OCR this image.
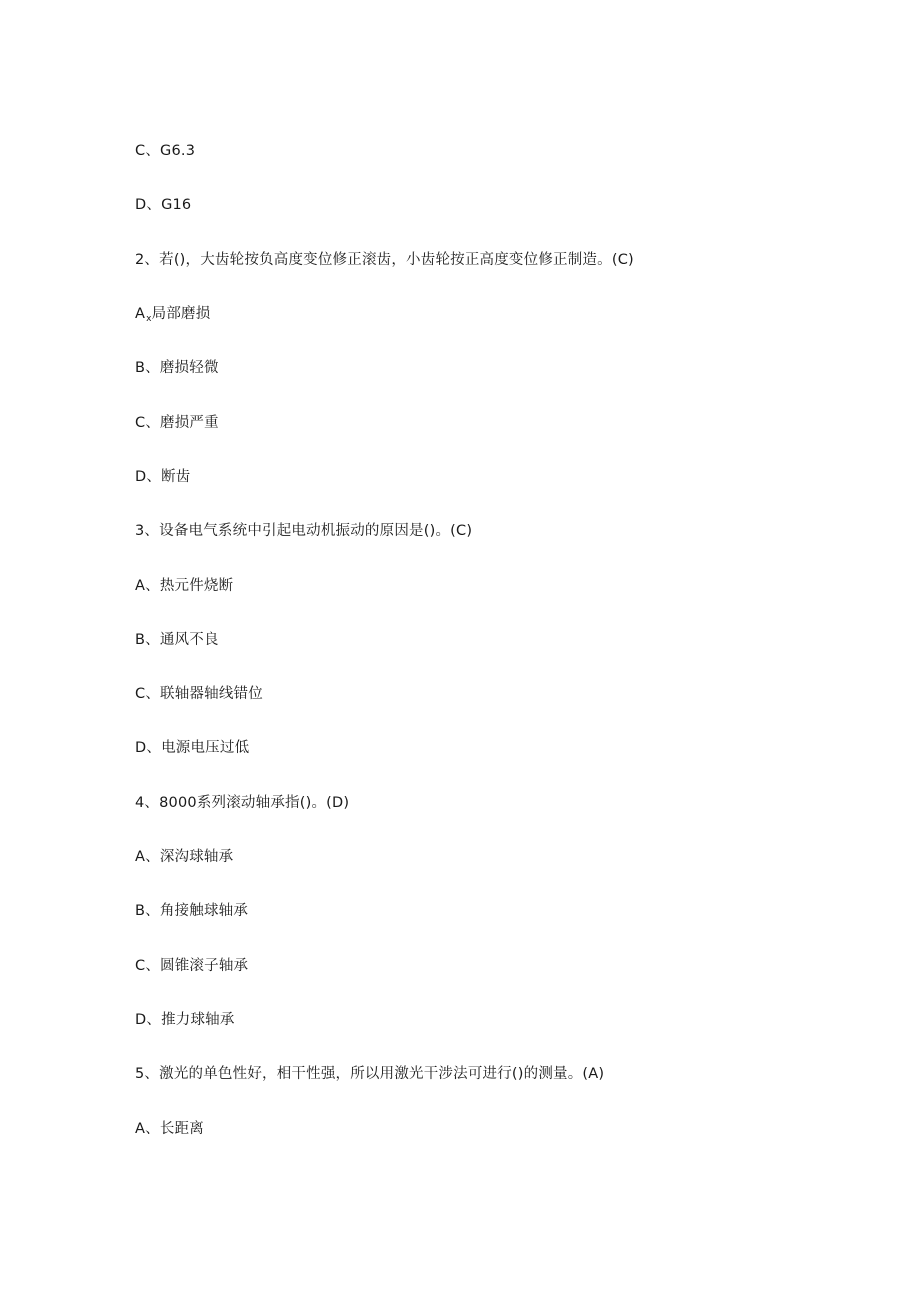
C、G6.3
D、G16
2、若()，大齿轮按负高度变位修正滚齿，小齿轮按正高度变位修正制造。(C)
$A_x$局部磨损
B、磨损轻微
C、磨损严重
D、断齿
3、设备电气系统中引起电动机振动的原因是()。(C)
A、热元件烧断
B、通风不良
C、联轴器轴线错位
D、电源电压过低
4、8000系列滚动轴承指()。(D)
A、深沟球轴承
B、角接触球轴承
C、圆锥滚子轴承
D、推力球轴承
5、激光的单色性好，相干性强，所以用激光干涉法可进行()的测量。(A)
A、长距离
